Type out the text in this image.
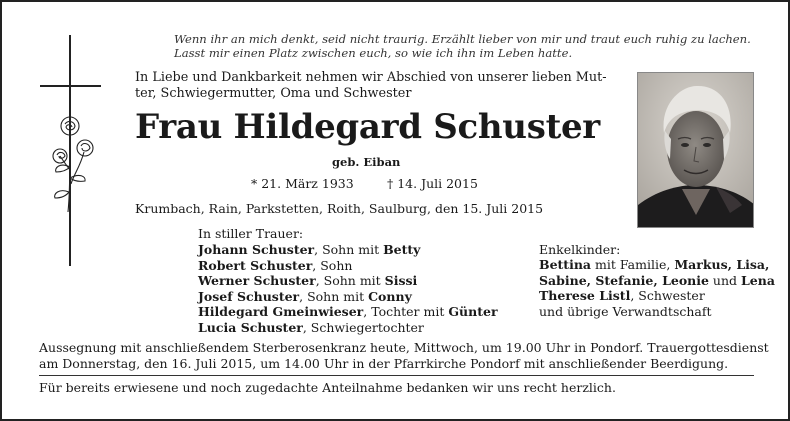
Wenn ihr an mich denkt, seid nicht traurig. Erzählt lieber von mir und traut euch ruhig zu lachen.
Lasst mir einen Platz zwischen euch, so wie ich ihn im Leben hatte.
In Liebe und Dankbarkeit nehmen wir Abschied von unserer lieben Mut-
ter, Schwiegermutter, Oma und Schwester
Frau Hildegard Schuster
geb. Eiban
* 21. März 1933	† 14. Juli 2015
Krumbach, Rain, Parkstetten, Roith, Saulburg, den 15. Juli 2015
In stiller Trauer:
Johann Schuster, Sohn mit Betty
Robert Schuster, Sohn
Werner Schuster, Sohn mit Sissi
Josef Schuster, Sohn mit Conny
Hildegard Gmeinwieser, Tochter mit Günter
Lucia Schuster, Schwiegertochter
Enkelkinder:
Bettina mit Familie, Markus, Lisa,
Sabine, Stefanie, Leonie und Lena
Therese Listl, Schwester
und übrige Verwandtschaft
Aussegnung mit anschließendem Sterberosenkranz heute, Mittwoch, um 19.00 Uhr in Pondorf. Trauergottesdienst
am Donnerstag, den 16. Juli 2015, um 14.00 Uhr in der Pfarrkirche Pondorf mit anschließender Beerdigung.
Für bereits erwiesene und noch zugedachte Anteilnahme bedanken wir uns recht herzlich.
